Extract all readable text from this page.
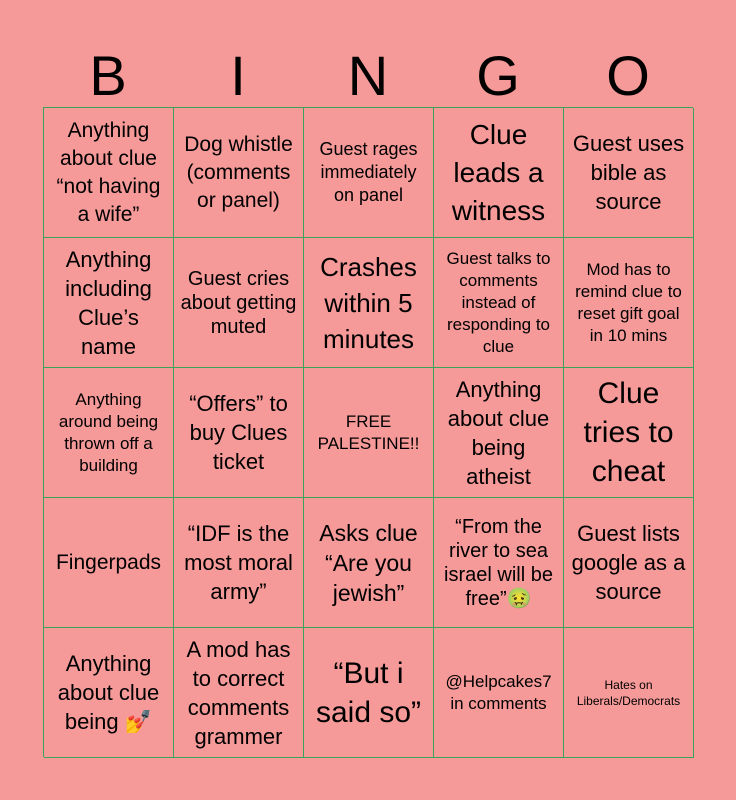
B	I	N	G	O
Anything about clue “not having a wife”
Dog whistle (comments or panel)
Guest rages immediately on panel
Clue leads a witness
Guest uses bible as source
Anything including Clue’s name
Guest cries about getting muted
Crashes within 5 minutes
Guest talks to comments instead of responding to clue
Mod has to remind clue to reset gift goal in 10 mins
Anything around being thrown off a building
“Offers” to buy Clues ticket
FREE PALESTINE!!
Anything about clue being atheist
Clue tries to cheat
Fingerpads
“IDF is the most moral army”
Asks clue “Are you jewish”
“From the river to sea israel will be free”🤢
Guest lists google as a source
Anything about clue being 💅
A mod has to correct comments grammer
“But i said so”
@Helpcakes7 in comments
Hates on Liberals/Democrats
